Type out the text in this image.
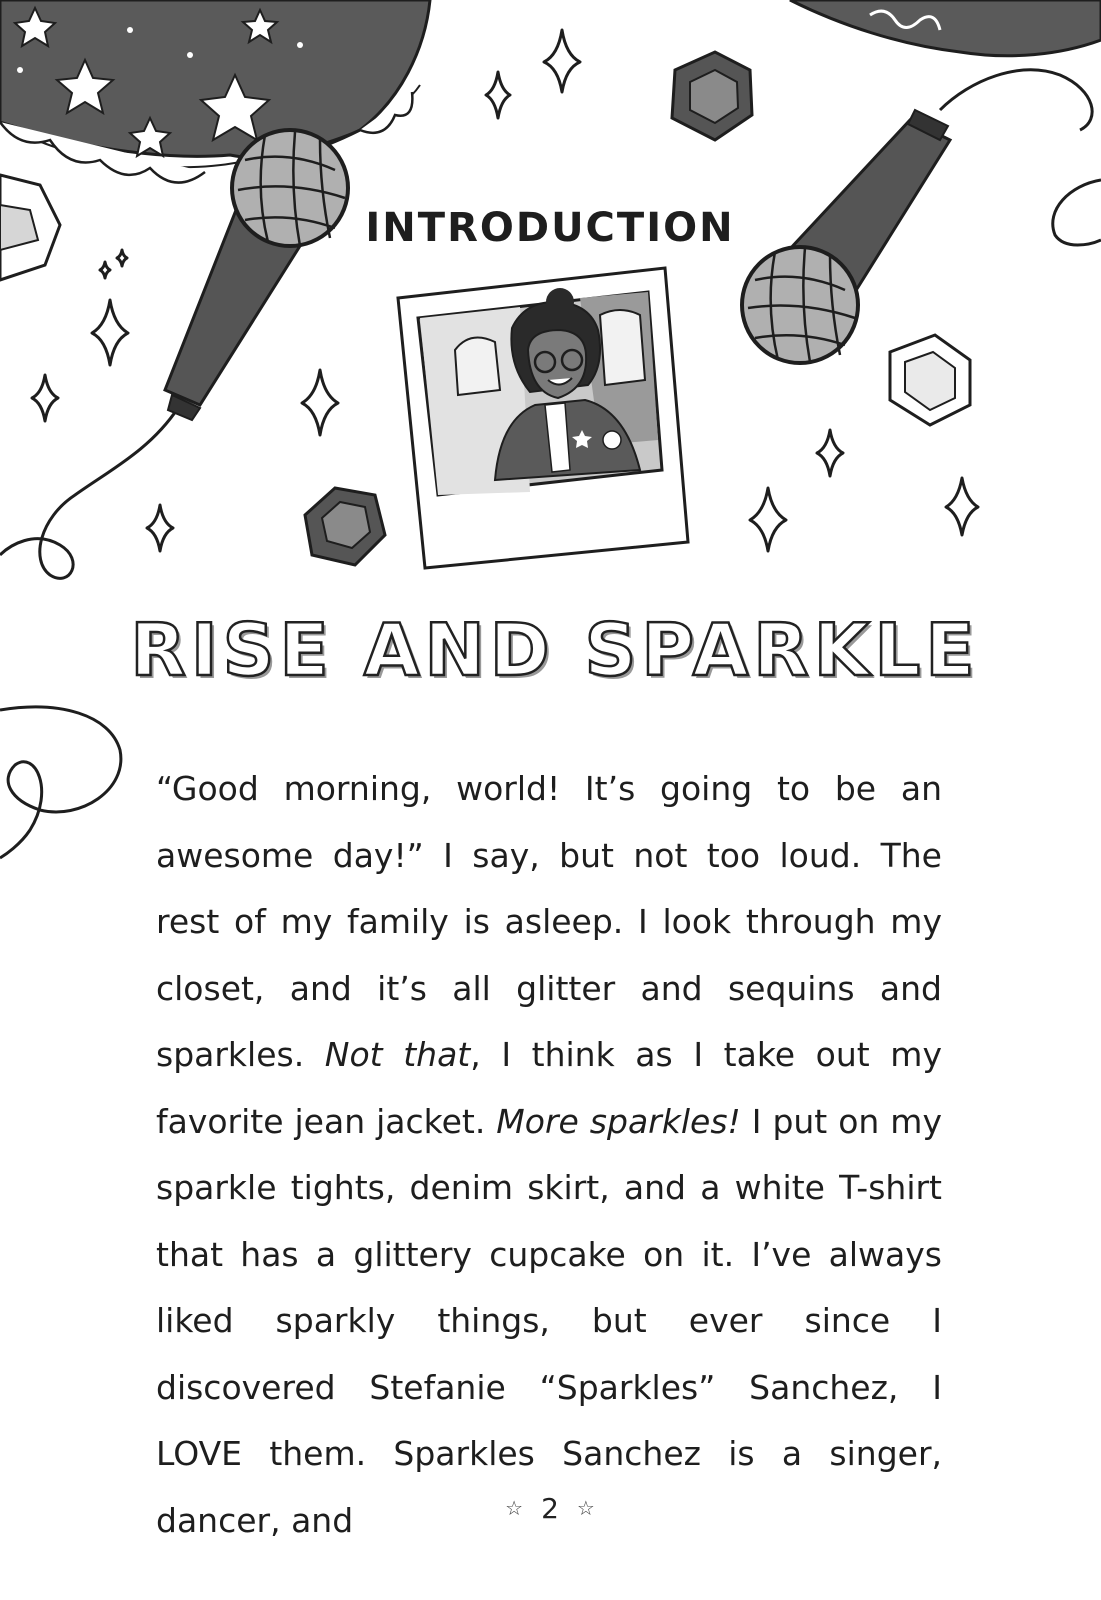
INTRODUCTION
RISE AND SPARKLE

“Good morning, world! It’s going to be an awesome day!” I say, but not too loud. The rest of my family is asleep. I look through my closet, and it’s all glitter and sequins and sparkles. Not that, I think as I take out my favorite jean jacket. More sparkles! I put on my sparkle tights, denim skirt, and a white T-shirt that has a glittery cupcake on it. I’ve always liked sparkly things, but ever since I discovered Stefanie “Sparkles” Sanchez, I LOVE them. Sparkles Sanchez is a singer, dancer, and	☆ 2 ☆
